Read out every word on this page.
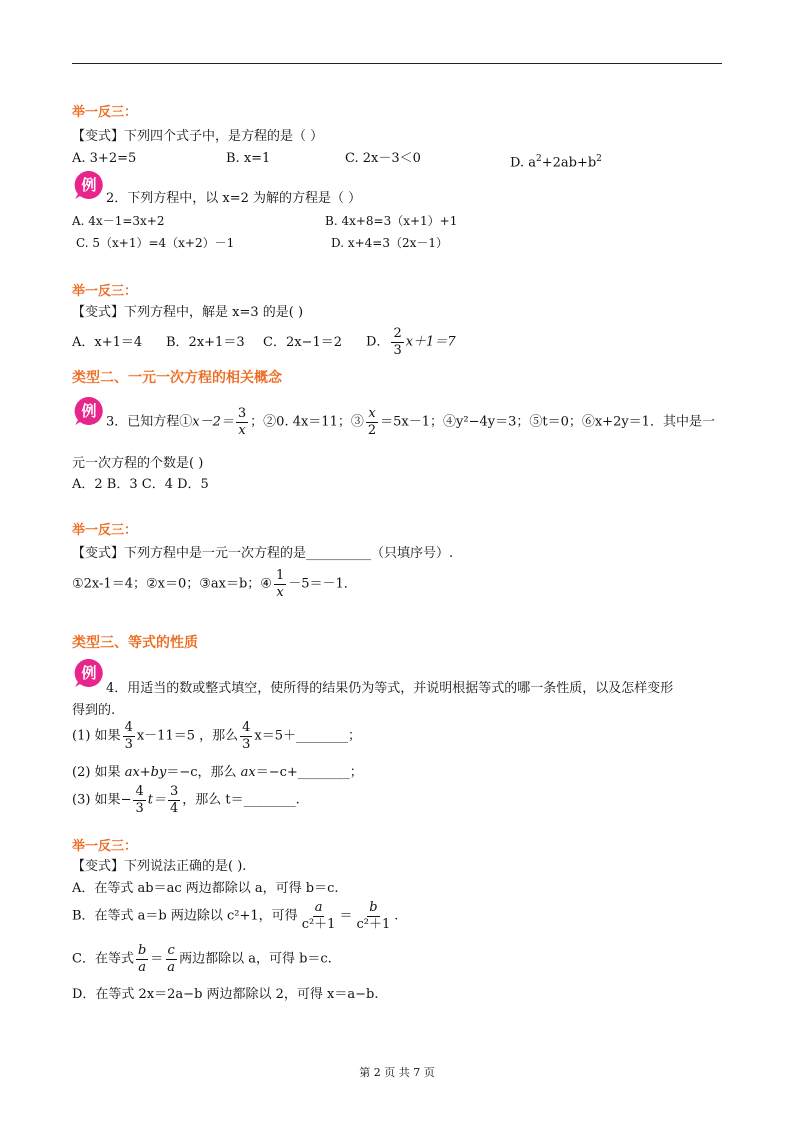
举一反三：
【变式】下列四个式子中，是方程的是（ ）
A. 3+2=5	B. x=1	C. 2x－3＜0	D. $a^2+2ab+b^2$
例
2．下列方程中，以 x=2 为解的方程是（ ）
A. 4x－1=3x+2	B. 4x+8=3（x+1）+1
C. 5（x+1）=4（x+2）－1	D. x+4=3（2x－1）
举一反三：
【变式】下列方程中，解是 x=3 的是( )
A．x+1＝4 B．2x+1＝3 C．2x−1＝2 D． $\frac{2}{3} x+1=7$
类型二、一元一次方程的相关概念
例
3．已知方程①x－2＝ $\frac{3}{x}$ ；②0. 4x＝11；③ $\frac{x}{2} =5x-1$；④y²−4y＝3；⑤t＝0；⑥x+2y＝1．其中是一
元一次方程的个数是( )
A．2 B．3 C．4 D．5
举一反三：
【变式】下列方程中是一元一次方程的是__________（只填序号）.
①2x-1＝4；②x＝0；③ax＝b；④ $\frac{1}{x} -5=-1$．
类型三、等式的性质
例
4．用适当的数或整式填空，使所得的结果仍为等式，并说明根据等式的哪一条性质，以及怎样变形
得到的.
(1) 如果 $\frac{4}{3} x-11=5$ ，那么 $\frac{4}{3}$ x＝5＋________；
(2) 如果 ax+by＝−c，那么 ax＝−c+________；
(3) 如果− $\frac{4}{3} t= \frac{3}{4}$ ，那么 t＝________.
举一反三：
【变式】下列说法正确的是( ).
A．在等式 ab＝ac 两边都除以 a，可得 b＝c.
B．在等式 a＝b 两边除以 c²+1，可得 $\frac{a}{\text{c²＋1}} = \frac{b}{\text{c²＋1}}$ .
C．在等式 $\frac{b}{a} = \frac{c}{a}$ 两边都除以 a，可得 b＝c.
D．在等式 2x＝2a−b 两边都除以 2，可得 x＝a−b.
第 2 页 共 7 页
